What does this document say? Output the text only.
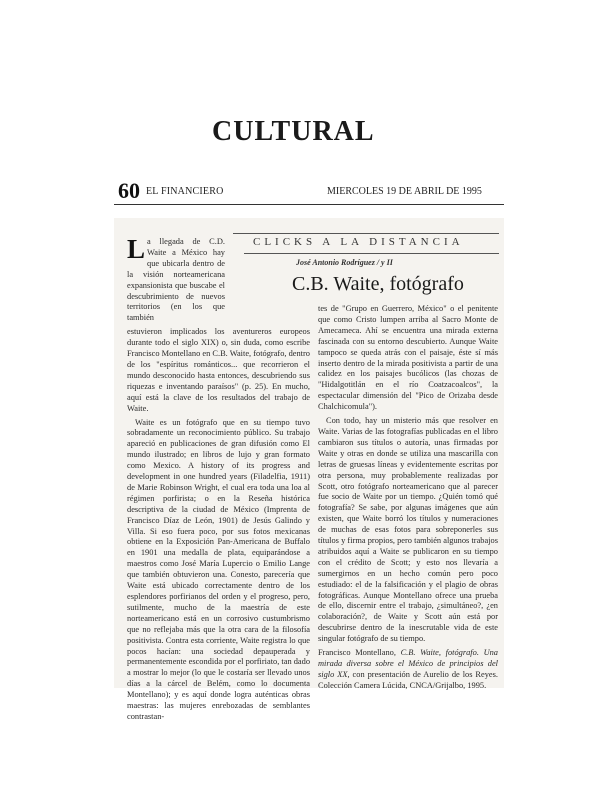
CULTURAL
60 EL FINANCIERO	MIERCOLES 19 DE ABRIL DE 1995
CLICKS A LA DISTANCIA
José Antonio Rodríguez / y II
C.B. Waite, fotógrafo

La llegada de C.D. Waite a México hay que ubicarla dentro de la visión norteamericana expansionista que buscabe el descubrimiento de nuevos territorios (en los que también

estuvieron implicados los aventureros europeos durante todo el siglo XIX) o, sin duda, como escribe Francisco Montellano en C.B. Waite, fotógrafo, dentro de los "espíritus románticos... que recorrieron el mundo desconocido hasta entonces, descubriendo sus riquezas e inventando paraísos" (p. 25). En mucho, aquí está la clave de los resultados del trabajo de Waite.

Waite es un fotógrafo que en su tiempo tuvo sobradamente un reconocimiento público. Su trabajo apareció en publicaciones de gran difusión como El mundo ilustrado; en libros de lujo y gran formato como Mexico. A history of its progress and development in one hundred years (Filadelfia, 1911) de Marie Robinson Wright, el cual era toda una loa al régimen porfirista; o en la Reseña histórica descriptiva de la ciudad de México (Imprenta de Francisco Díaz de León, 1901) de Jesús Galindo y Villa. Si eso fuera poco, por sus fotos mexicanas obtiene en la Exposición Pan-Americana de Buffalo en 1901 una medalla de plata, equiparándose a maestros como José María Lupercio o Emilio Lange que también obtuvieron una. Conesto, parecería que Waite está ubicado correctamente dentro de los esplendores porfirianos del orden y el progreso, pero, sutilmente, mucho de la maestría de este norteamericano está en un corrosivo custumbrismo que no reflejaba más que la otra cara de la filosofía positivista. Contra esta corriente, Waite registra lo que pocos hacían: una sociedad depauperada y permanentemente escondida por el porfiriato, tan dado a mostrar lo mejor (lo que le costaría ser llevado unos días a la cárcel de Belém, como lo documenta Montellano); y es aquí donde logra auténticas obras maestras: las mujeres enrebozadas de semblantes contrastan-

tes de "Grupo en Guerrero, México" o el penitente que como Cristo lumpen arriba al Sacro Monte de Amecameca. Ahí se encuentra una mirada externa fascinada con su entorno descubierto. Aunque Waite tampoco se queda atrás con el paisaje, éste sí más inserto dentro de la mirada positivista a partir de una calidez en los paisajes bucólicos (las chozas de "Hidalgotitlán en el río Coatzacoalcos", la espectacular dimensión del "Pico de Orizaba desde Chalchicomula").

Con todo, hay un misterio más que resolver en Waite. Varias de las fotografías publicadas en el libro cambiaron sus títulos o autoría, unas firmadas por Waite y otras en donde se utiliza una mascarilla con letras de gruesas líneas y evidentemente escritas por otra persona, muy probablemente realizadas por Scott, otro fotógrafo norteamericano que al parecer fue socio de Waite por un tiempo. ¿Quién tomó qué fotografía? Se sabe, por algunas imágenes que aún existen, que Waite borró los títulos y numeraciones de muchas de esas fotos para sobreponerles sus títulos y firma propios, pero también algunos trabajos atribuidos aquí a Waite se publicaron en su tiempo con el crédito de Scott; y esto nos llevaría a sumergirnos en un hecho común pero poco estudiado: el de la falsificación y el plagio de obras fotográficas. Aunque Montellano ofrece una prueba de ello, discernir entre el trabajo, ¿simultáneo?, ¿en colaboración?, de Waite y Scott aún está por descubrirse dentro de la inescrutable vida de este singular fotógrafo de su tiempo.

Francisco Montellano, C.B. Waite, fotógrafo. Una mirada diversa sobre el México de principios del siglo XX, con presentación de Aurelio de los Reyes. Colección Camera Lúcida, CNCA/Grijalbo, 1995.
